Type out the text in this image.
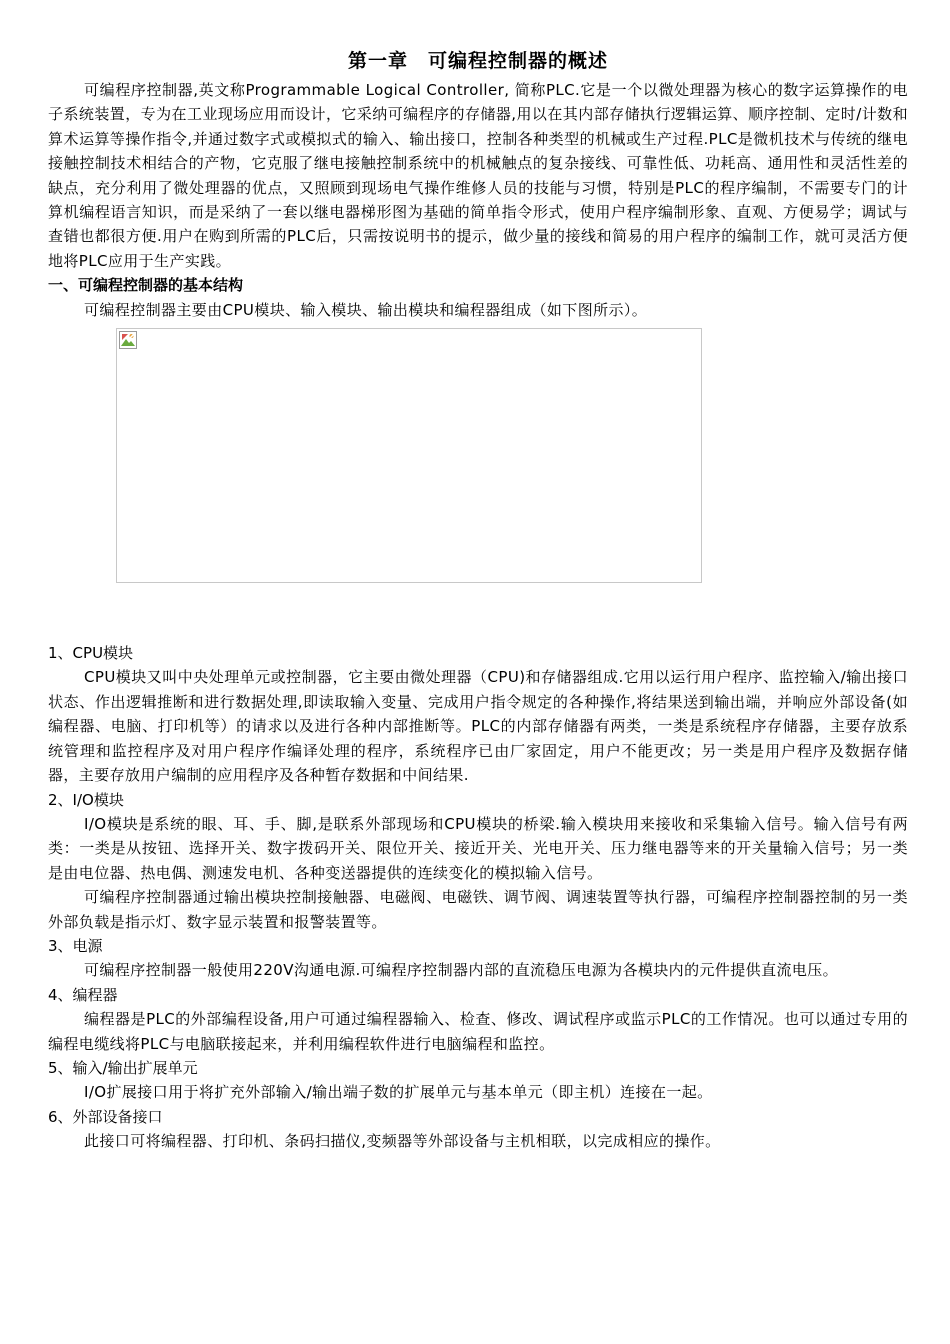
第一章　可编程控制器的概述

可编程序控制器,英文称Programmable Logical Controller, 简称PLC.它是一个以微处理器为核心的数字运算操作的电子系统装置，专为在工业现场应用而设计，它采纳可编程序的存储器,用以在其内部存储执行逻辑运算、顺序控制、定时/计数和算术运算等操作指令,并通过数字式或模拟式的输入、输出接口，控制各种类型的机械或生产过程.PLC是微机技术与传统的继电接触控制技术相结合的产物，它克服了继电接触控制系统中的机械触点的复杂接线、可靠性低、功耗高、通用性和灵活性差的缺点，充分利用了微处理器的优点，又照顾到现场电气操作维修人员的技能与习惯，特别是PLC的程序编制，不需要专门的计算机编程语言知识，而是采纳了一套以继电器梯形图为基础的简单指令形式，使用户程序编制形象、直观、方便易学；调试与查错也都很方便.用户在购到所需的PLC后，只需按说明书的提示，做少量的接线和简易的用户程序的编制工作，就可灵活方便地将PLC应用于生产实践。

一、可编程控制器的基本结构

可编程控制器主要由CPU模块、输入模块、输出模块和编程器组成（如下图所示）。

1、CPU模块

CPU模块又叫中央处理单元或控制器，它主要由微处理器（CPU)和存储器组成.它用以运行用户程序、监控输入/输出接口状态、作出逻辑推断和进行数据处理,即读取输入变量、完成用户指令规定的各种操作,将结果送到输出端，并响应外部设备(如编程器、电脑、打印机等）的请求以及进行各种内部推断等。PLC的内部存储器有两类，一类是系统程序存储器，主要存放系统管理和监控程序及对用户程序作编译处理的程序，系统程序已由厂家固定，用户不能更改；另一类是用户程序及数据存储器，主要存放用户编制的应用程序及各种暂存数据和中间结果.

2、I/O模块

I/O模块是系统的眼、耳、手、脚,是联系外部现场和CPU模块的桥梁.输入模块用来接收和采集输入信号。输入信号有两类：一类是从按钮、选择开关、数字拨码开关、限位开关、接近开关、光电开关、压力继电器等来的开关量输入信号；另一类是由电位器、热电偶、测速发电机、各种变送器提供的连续变化的模拟输入信号。

可编程序控制器通过输出模块控制接触器、电磁阀、电磁铁、调节阀、调速装置等执行器，可编程序控制器控制的另一类外部负载是指示灯、数字显示装置和报警装置等。

3、电源

可编程序控制器一般使用220V沟通电源.可编程序控制器内部的直流稳压电源为各模块内的元件提供直流电压。

4、编程器

编程器是PLC的外部编程设备,用户可通过编程器输入、检查、修改、调试程序或监示PLC的工作情况。也可以通过专用的编程电缆线将PLC与电脑联接起来，并利用编程软件进行电脑编程和监控。

5、输入/输出扩展单元

I/O扩展接口用于将扩充外部输入/输出端子数的扩展单元与基本单元（即主机）连接在一起。

6、外部设备接口

此接口可将编程器、打印机、条码扫描仪,变频器等外部设备与主机相联，以完成相应的操作。
